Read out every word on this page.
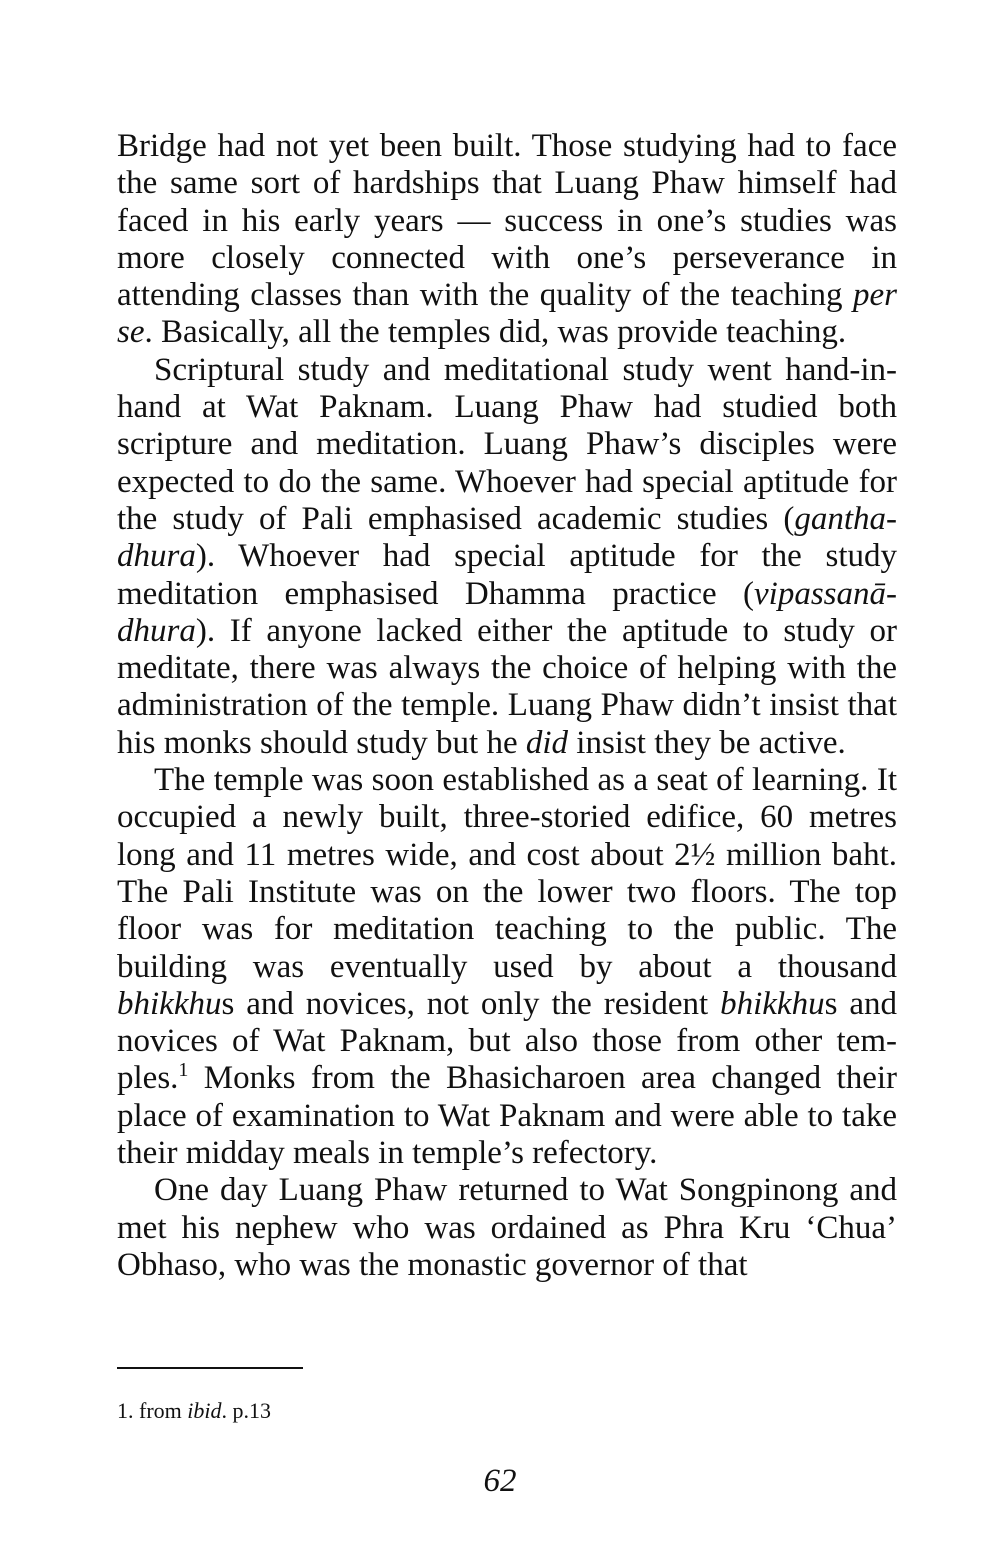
Bridge had not yet been built. Those studying had to face the same sort of hardships that Luang Phaw himself had faced in his early years — success in one’s studies was more closely connected with one’s perseverance in attending classes than with the quality of the teaching per se. Basically, all the temples did, was provide teaching.

Scriptural study and meditational study went hand-in-hand at Wat Paknam. Luang Phaw had studied both scripture and meditation. Luang Phaw’s disciples were expected to do the same. Whoever had special aptitude for the study of Pali emphasised academic studies (gantha-dhura). Whoever had special aptitude for the study meditation emphasised Dhamma practice (vipassanā-dhura). If anyone lacked either the aptitude to study or meditate, there was always the choice of helping with the administration of the temple. Luang Phaw didn’t insist that his monks should study but he did insist they be active.

The temple was soon established as a seat of learning. It occupied a newly built, three-storied edifice, 60 metres long and 11 metres wide, and cost about 2½ million baht. The Pali Institute was on the lower two floors. The top floor was for meditation teaching to the public. The building was eventually used by about a thousand bhikkhus and novices, not only the resident bhikkhus and novices of Wat Paknam, but also those from other temples.$^1$ Monks from the Bhasicharoen area changed their place of examination to Wat Paknam and were able to take their midday meals in temple’s refectory.

One day Luang Phaw returned to Wat Songpinong and met his nephew who was ordained as Phra Kru ‘Chua’ Obhaso, who was the monastic governor of that

1. from ibid. p.13

62
